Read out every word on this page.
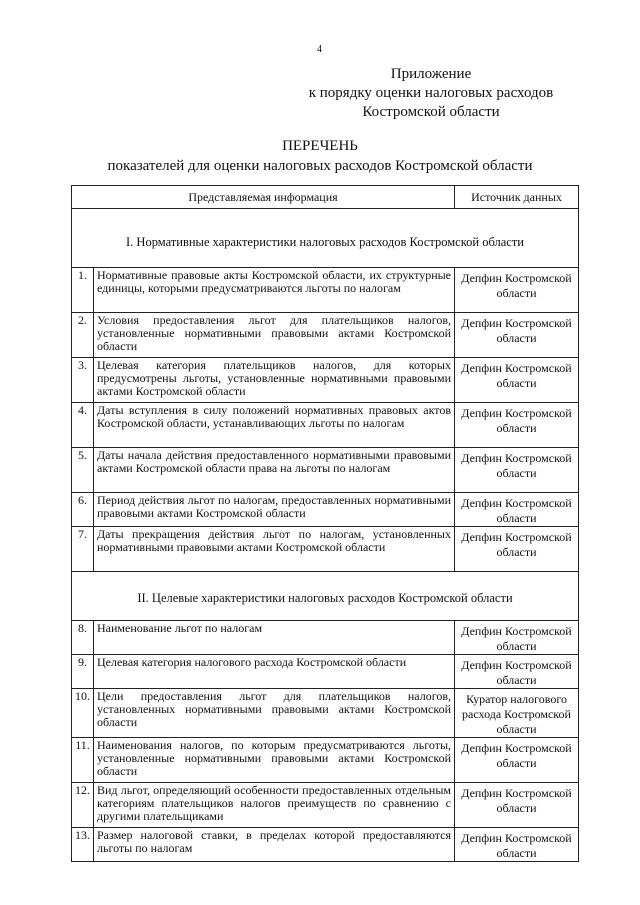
4
Приложение
к порядку оценки налоговых расходов
Костромской области
ПЕРЕЧЕНЬ
показателей для оценки налоговых расходов Костромской области
Представляемая информация		Источник данных
I. Нормативные характеристики налоговых расходов Костромской области		
1.	Нормативные правовые акты Костромской области, их структурные единицы, которыми предусматриваются льготы по налогам	Депфин Костромской области
2.	Условия предоставления льгот для плательщиков налогов, установленные нормативными правовыми актами Костромской области	Депфин Костромской области
3.	Целевая категория плательщиков налогов, для которых предусмотрены льготы, установленные нормативными правовыми актами Костромской области	Депфин Костромской области
4.	Даты вступления в силу положений нормативных правовых актов Костромской области, устанавливающих льготы по налогам	Депфин Костромской области
5.	Даты начала действия предоставленного нормативными правовыми актами Костромской области права на льготы по налогам	Депфин Костромской области
6.	Период действия льгот по налогам, предоставленных нормативными правовыми актами Костромской области	Депфин Костромской области
7.	Даты прекращения действия льгот по налогам, установленных нормативными правовыми актами Костромской области	Депфин Костромской области
II. Целевые характеристики налоговых расходов Костромской области		
8.	Наименование льгот по налогам	Депфин Костромской области
9.	Целевая категория налогового расхода Костромской области	Депфин Костромской области
10.	Цели предоставления льгот для плательщиков налогов, установленных нормативными правовыми актами Костромской области	Куратор налогового расхода Костромской области
11.	Наименования налогов, по которым предусматриваются льготы, установленные нормативными правовыми актами Костромской области	Депфин Костромской области
12.	Вид льгот, определяющий особенности предоставленных отдельным категориям плательщиков налогов преимуществ по сравнению с другими плательщиками	Депфин Костромской области
13.	Размер налоговой ставки, в пределах которой предоставляются льготы по налогам	Депфин Костромской области
